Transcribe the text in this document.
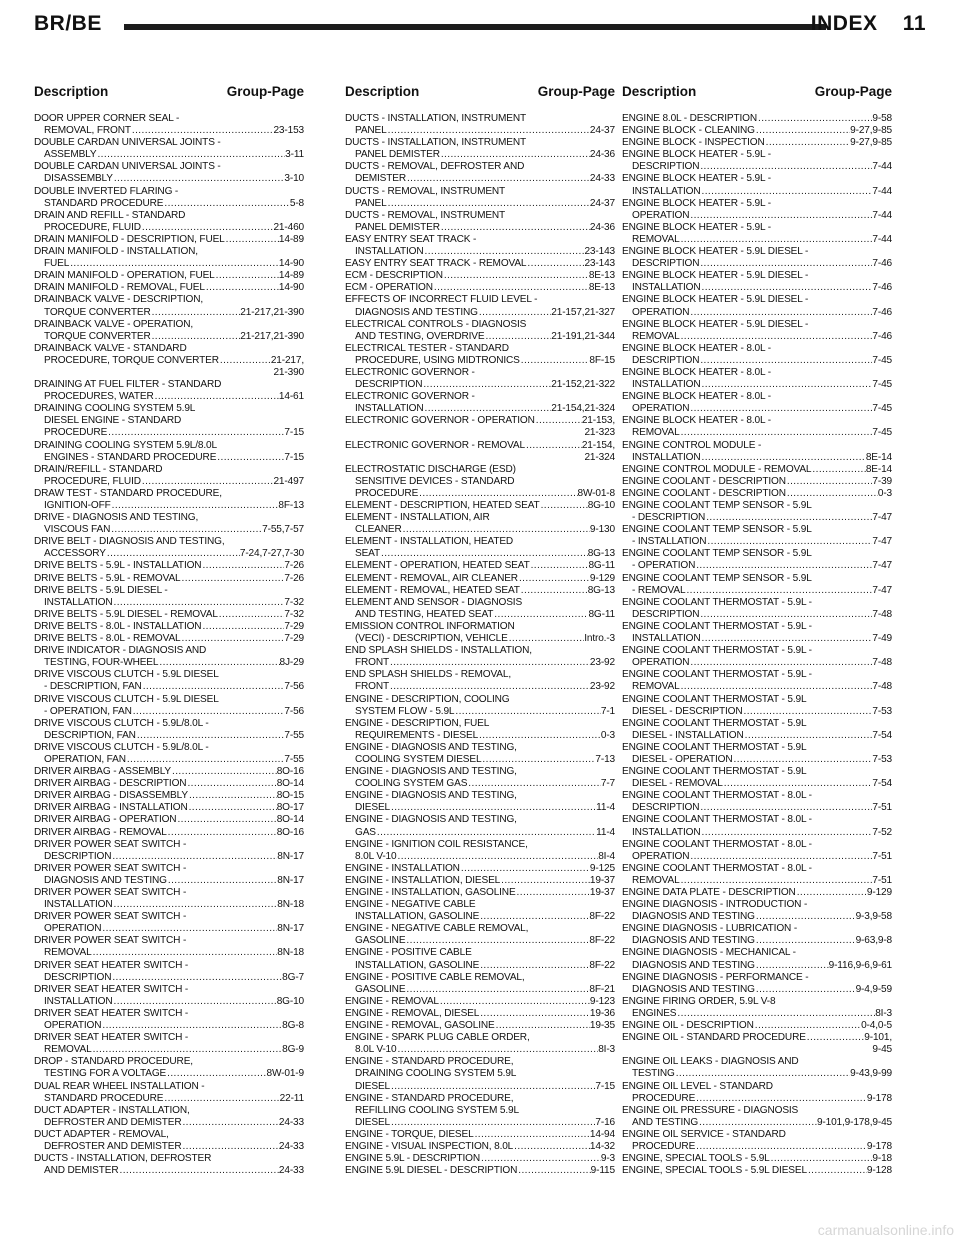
BR/BE	INDEX    11
Description	Group-Page	Description	Group-Page Description	Group-Page
DOOR UPPER CORNER SEAL -
REMOVAL, FRONT . . .	23-153
DOUBLE CARDAN UNIVERSAL JOINTS -
ASSEMBLY . . .	3-11
DOUBLE CARDAN UNIVERSAL JOINTS -
DISASSEMBLY . . .	3-10
DOUBLE INVERTED FLARING -
STANDARD PROCEDURE . . .	5-8
DRAIN AND REFILL - STANDARD
PROCEDURE, FLUID . . .	21-460
DRAIN MANIFOLD - DESCRIPTION, FUEL . . .	14-89
DRAIN MANIFOLD - INSTALLATION,
FUEL . . .	14-90
DRAIN MANIFOLD - OPERATION, FUEL . . .	14-89
DRAIN MANIFOLD - REMOVAL, FUEL . . .	14-90
DRAINBACK VALVE - DESCRIPTION,
TORQUE CONVERTER . . .	21-217,21-390
DRAINBACK VALVE - OPERATION,
TORQUE CONVERTER . . .	21-217,21-390
DRAINBACK VALVE - STANDARD
PROCEDURE, TORQUE CONVERTER . . .	21-217,
21-390
DRAINING AT FUEL FILTER - STANDARD
PROCEDURES, WATER . . .	14-61
DRAINING COOLING SYSTEM 5.9L
DIESEL ENGINE - STANDARD
PROCEDURE . . .	7-15
DRAINING COOLING SYSTEM 5.9L/8.0L
ENGINES - STANDARD PROCEDURE . . .	7-15
DRAIN/REFILL - STANDARD
PROCEDURE, FLUID . . .	21-497
DRAW TEST - STANDARD PROCEDURE,
IGNITION-OFF . . .	8F-13
DRIVE - DIAGNOSIS AND TESTING,
VISCOUS FAN . . .	7-55,7-57
DRIVE BELT - DIAGNOSIS AND TESTING,
ACCESSORY . . .	7-24,7-27,7-30
DRIVE BELTS - 5.9L - INSTALLATION . . .	7-26
DRIVE BELTS - 5.9L - REMOVAL . . .	7-26
DRIVE BELTS - 5.9L DIESEL -
INSTALLATION . . .	7-32
DRIVE BELTS - 5.9L DIESEL - REMOVAL . . .	7-32
DRIVE BELTS - 8.0L - INSTALLATION . . .	7-29
DRIVE BELTS - 8.0L - REMOVAL . . .	7-29
DRIVE INDICATOR - DIAGNOSIS AND
TESTING, FOUR-WHEEL . . .	8J-29
DRIVE VISCOUS CLUTCH - 5.9L DIESEL
- DESCRIPTION, FAN . . .	7-56
DRIVE VISCOUS CLUTCH - 5.9L DIESEL
- OPERATION, FAN . . .	7-56
DRIVE VISCOUS CLUTCH - 5.9L/8.0L -
DESCRIPTION, FAN . . .	7-55
DRIVE VISCOUS CLUTCH - 5.9L/8.0L -
OPERATION, FAN . . .	7-55
DRIVER AIRBAG - ASSEMBLY . . .	8O-16
DRIVER AIRBAG - DESCRIPTION . . .	8O-14
DRIVER AIRBAG - DISASSEMBLY . . .	8O-15
DRIVER AIRBAG - INSTALLATION . . .	8O-17
DRIVER AIRBAG - OPERATION . . .	8O-14
DRIVER AIRBAG - REMOVAL . . .	8O-16
DRIVER POWER SEAT SWITCH -
DESCRIPTION . . .	8N-17
DRIVER POWER SEAT SWITCH -
DIAGNOSIS AND TESTING . . .	8N-17
DRIVER POWER SEAT SWITCH -
INSTALLATION . . .	8N-18
DRIVER POWER SEAT SWITCH -
OPERATION . . .	8N-17
DRIVER POWER SEAT SWITCH -
REMOVAL . . .	8N-18
DRIVER SEAT HEATER SWITCH -
DESCRIPTION . . .	8G-7
DRIVER SEAT HEATER SWITCH -
INSTALLATION . . .	8G-10
DRIVER SEAT HEATER SWITCH -
OPERATION . . .	8G-8
DRIVER SEAT HEATER SWITCH -
REMOVAL . . .	8G-9
DROP - STANDARD PROCEDURE,
TESTING FOR A VOLTAGE . . .	8W-01-9
DUAL REAR WHEEL INSTALLATION -
STANDARD PROCEDURE . . .	22-11
DUCT ADAPTER - INSTALLATION,
DEFROSTER AND DEMISTER . . .	24-33
DUCT ADAPTER - REMOVAL,
DEFROSTER AND DEMISTER . . .	24-33
DUCTS - INSTALLATION, DEFROSTER
AND DEMISTER . . .	24-33
DUCTS - INSTALLATION, INSTRUMENT
PANEL . . .	24-37
DUCTS - INSTALLATION, INSTRUMENT
PANEL DEMISTER . . .	24-36
DUCTS - REMOVAL, DEFROSTER AND
DEMISTER . . .	24-33
DUCTS - REMOVAL, INSTRUMENT
PANEL . . .	24-37
DUCTS - REMOVAL, INSTRUMENT
PANEL DEMISTER . . .	24-36
EASY ENTRY SEAT TRACK -
INSTALLATION . . .	23-143
EASY ENTRY SEAT TRACK - REMOVAL . . .	23-143
ECM - DESCRIPTION . . .	8E-13
ECM - OPERATION . . .	8E-13
EFFECTS OF INCORRECT FLUID LEVEL -
DIAGNOSIS AND TESTING . . .	21-157,21-327
ELECTRICAL CONTROLS - DIAGNOSIS
AND TESTING, OVERDRIVE . . .	21-191,21-344
ELECTRICAL TESTER - STANDARD
PROCEDURE, USING MIDTRONICS . . .	8F-15
ELECTRONIC GOVERNOR -
DESCRIPTION . . .	21-152,21-322
ELECTRONIC GOVERNOR -
INSTALLATION . . .	21-154,21-324
ELECTRONIC GOVERNOR - OPERATION . . .	21-153,
21-323
ELECTRONIC GOVERNOR - REMOVAL . . .	21-154,
21-324
ELECTROSTATIC DISCHARGE (ESD)
SENSITIVE DEVICES - STANDARD
PROCEDURE . . .	8W-01-8
ELEMENT - DESCRIPTION, HEATED SEAT . . .	8G-10
ELEMENT - INSTALLATION, AIR
CLEANER . . .	9-130
ELEMENT - INSTALLATION, HEATED
SEAT . . .	8G-13
ELEMENT - OPERATION, HEATED SEAT . . .	8G-11
ELEMENT - REMOVAL, AIR CLEANER . . .	9-129
ELEMENT - REMOVAL, HEATED SEAT . . .	8G-13
ELEMENT AND SENSOR - DIAGNOSIS
AND TESTING, HEATED SEAT . . .	8G-11
EMISSION CONTROL INFORMATION
(VECI) - DESCRIPTION, VEHICLE . . .	Intro.-3
END SPLASH SHIELDS - INSTALLATION,
FRONT . . .	23-92
END SPLASH SHIELDS - REMOVAL,
FRONT . . .	23-92
ENGINE - DESCRIPTION, COOLING
SYSTEM FLOW - 5.9L . . .	7-1
ENGINE - DESCRIPTION, FUEL
REQUIREMENTS - DIESEL . . .	0-3
ENGINE - DIAGNOSIS AND TESTING,
COOLING SYSTEM DIESEL . . .	7-13
ENGINE - DIAGNOSIS AND TESTING,
COOLING SYSTEM GAS . . .	7-7
ENGINE - DIAGNOSIS AND TESTING,
DIESEL . . .	11-4
ENGINE - DIAGNOSIS AND TESTING,
GAS . . .	11-4
ENGINE - IGNITION COIL RESISTANCE,
8.0L V-10 . . .	8I-4
ENGINE - INSTALLATION . . .	9-125
ENGINE - INSTALLATION, DIESEL . . .	19-37
ENGINE - INSTALLATION, GASOLINE . . .	19-37
ENGINE - NEGATIVE CABLE
INSTALLATION, GASOLINE . . .	8F-22
ENGINE - NEGATIVE CABLE REMOVAL,
GASOLINE . . .	8F-22
ENGINE - POSITIVE CABLE
INSTALLATION, GASOLINE . . .	8F-22
ENGINE - POSITIVE CABLE REMOVAL,
GASOLINE . . .	8F-21
ENGINE - REMOVAL . . .	9-123
ENGINE - REMOVAL, DIESEL . . .	19-36
ENGINE - REMOVAL, GASOLINE . . .	19-35
ENGINE - SPARK PLUG CABLE ORDER,
8.0L V-10 . . .	8I-3
ENGINE - STANDARD PROCEDURE,
DRAINING COOLING SYSTEM 5.9L
DIESEL . . .	7-15
ENGINE - STANDARD PROCEDURE,
REFILLING COOLING SYSTEM 5.9L
DIESEL . . .	7-16
ENGINE - TORQUE, DIESEL . . .	14-94
ENGINE - VISUAL INSPECTION, 8.0L . . .	14-32
ENGINE 5.9L - DESCRIPTION . . .	9-3
ENGINE 5.9L DIESEL - DESCRIPTION . . .	9-115
ENGINE 8.0L - DESCRIPTION . . .	9-58
ENGINE BLOCK - CLEANING . . .	9-27,9-85
ENGINE BLOCK - INSPECTION . . .	9-27,9-85
ENGINE BLOCK HEATER - 5.9L -
DESCRIPTION . . .	7-44
ENGINE BLOCK HEATER - 5.9L -
INSTALLATION . . .	7-44
ENGINE BLOCK HEATER - 5.9L -
OPERATION . . .	7-44
ENGINE BLOCK HEATER - 5.9L -
REMOVAL . . .	7-44
ENGINE BLOCK HEATER - 5.9L DIESEL -
DESCRIPTION . . .	7-46
ENGINE BLOCK HEATER - 5.9L DIESEL -
INSTALLATION . . .	7-46
ENGINE BLOCK HEATER - 5.9L DIESEL -
OPERATION . . .	7-46
ENGINE BLOCK HEATER - 5.9L DIESEL -
REMOVAL . . .	7-46
ENGINE BLOCK HEATER - 8.0L -
DESCRIPTION . . .	7-45
ENGINE BLOCK HEATER - 8.0L -
INSTALLATION . . .	7-45
ENGINE BLOCK HEATER - 8.0L -
OPERATION . . .	7-45
ENGINE BLOCK HEATER - 8.0L -
REMOVAL . . .	7-45
ENGINE CONTROL MODULE -
INSTALLATION . . .	8E-14
ENGINE CONTROL MODULE - REMOVAL . . .	8E-14
ENGINE COOLANT - DESCRIPTION . . .	7-39
ENGINE COOLANT - DESCRIPTION . . .	0-3
ENGINE COOLANT TEMP SENSOR - 5.9L
- DESCRIPTION . . .	7-47
ENGINE COOLANT TEMP SENSOR - 5.9L
- INSTALLATION . . .	7-47
ENGINE COOLANT TEMP SENSOR - 5.9L
- OPERATION . . .	7-47
ENGINE COOLANT TEMP SENSOR - 5.9L
- REMOVAL . . .	7-47
ENGINE COOLANT THERMOSTAT - 5.9L -
DESCRIPTION . . .	7-48
ENGINE COOLANT THERMOSTAT - 5.9L -
INSTALLATION . . .	7-49
ENGINE COOLANT THERMOSTAT - 5.9L -
OPERATION . . .	7-48
ENGINE COOLANT THERMOSTAT - 5.9L -
REMOVAL . . .	7-48
ENGINE COOLANT THERMOSTAT - 5.9L
DIESEL - DESCRIPTION . . .	7-53
ENGINE COOLANT THERMOSTAT - 5.9L
DIESEL - INSTALLATION . . .	7-54
ENGINE COOLANT THERMOSTAT - 5.9L
DIESEL - OPERATION . . .	7-53
ENGINE COOLANT THERMOSTAT - 5.9L
DIESEL - REMOVAL . . .	7-54
ENGINE COOLANT THERMOSTAT - 8.0L -
DESCRIPTION . . .	7-51
ENGINE COOLANT THERMOSTAT - 8.0L -
INSTALLATION . . .	7-52
ENGINE COOLANT THERMOSTAT - 8.0L -
OPERATION . . .	7-51
ENGINE COOLANT THERMOSTAT - 8.0L -
REMOVAL . . .	7-51
ENGINE DATA PLATE - DESCRIPTION . . .	9-129
ENGINE DIAGNOSIS - INTRODUCTION -
DIAGNOSIS AND TESTING . . .	9-3,9-58
ENGINE DIAGNOSIS - LUBRICATION -
DIAGNOSIS AND TESTING . . .	9-63,9-8
ENGINE DIAGNOSIS - MECHANICAL -
DIAGNOSIS AND TESTING . . .	9-116,9-6,9-61
ENGINE DIAGNOSIS - PERFORMANCE -
DIAGNOSIS AND TESTING . . .	9-4,9-59
ENGINE FIRING ORDER, 5.9L V-8
ENGINES . . .	8I-3
ENGINE OIL - DESCRIPTION . . .	0-4,0-5
ENGINE OIL - STANDARD PROCEDURE . . .	9-101,
9-45
ENGINE OIL LEAKS - DIAGNOSIS AND
TESTING . . .	9-43,9-99
ENGINE OIL LEVEL - STANDARD
PROCEDURE . . .	9-178
ENGINE OIL PRESSURE - DIAGNOSIS
AND TESTING . . .	9-101,9-178,9-45
ENGINE OIL SERVICE - STANDARD
PROCEDURE . . .	9-178
ENGINE, SPECIAL TOOLS - 5.9L . . .	9-18
ENGINE, SPECIAL TOOLS - 5.9L DIESEL . . .	9-128
carmanualsonline.info
